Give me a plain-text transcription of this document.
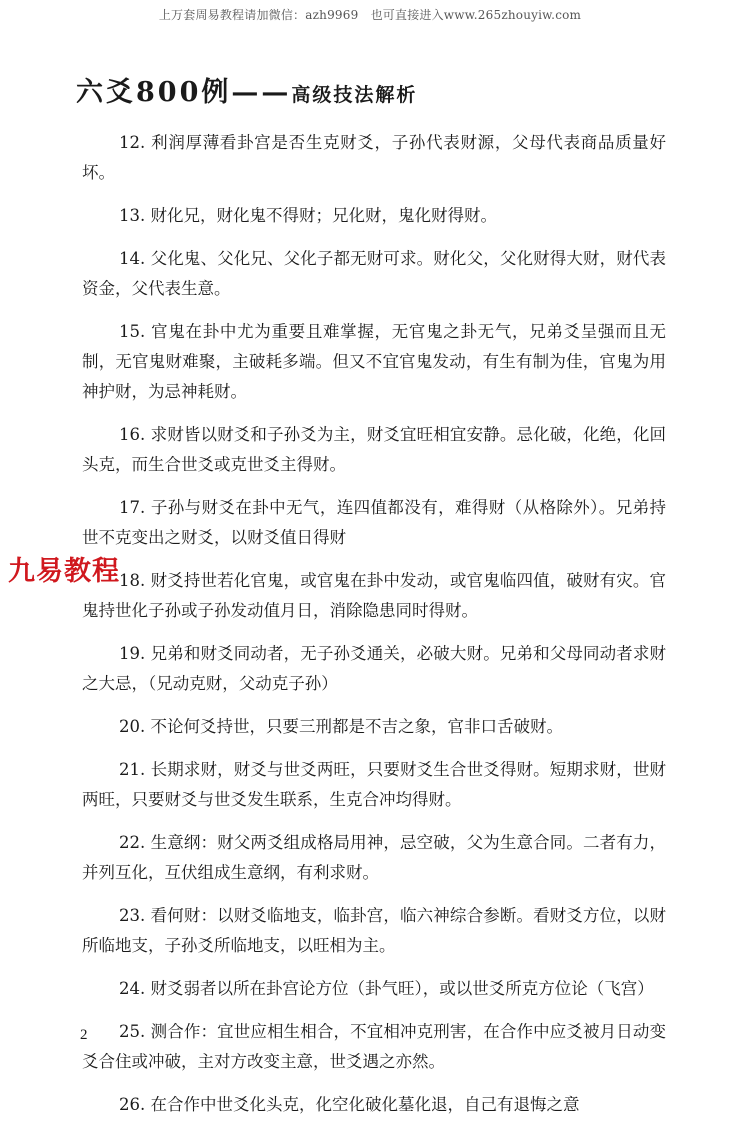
上万套周易教程请加微信：azh9969　也可直接进入www.265zhouyiw.com
六爻800例——高级技法解析

12. 利润厚薄看卦宫是否生克财爻，子孙代表财源，父母代表商品质量好坏。

13. 财化兄，财化鬼不得财；兄化财，鬼化财得财。

14. 父化鬼、父化兄、父化子都无财可求。财化父，父化财得大财，财代表资金，父代表生意。

15. 官鬼在卦中尤为重要且难掌握，无官鬼之卦无气，兄弟爻呈强而且无制，无官鬼财难聚，主破耗多端。但又不宜官鬼发动，有生有制为佳，官鬼为用神护财，为忌神耗财。

16. 求财皆以财爻和子孙爻为主，财爻宜旺相宜安静。忌化破，化绝，化回头克，而生合世爻或克世爻主得财。

17. 子孙与财爻在卦中无气，连四值都没有，难得财（从格除外）。兄弟持世不克变出之财爻，以财爻值日得财

18. 财爻持世若化官鬼，或官鬼在卦中发动，或官鬼临四值，破财有灾。官鬼持世化子孙或子孙发动值月日，消除隐患同时得财。

19. 兄弟和财爻同动者，无子孙爻通关，必破大财。兄弟和父母同动者求财之大忌，（兄动克财，父动克子孙）

20. 不论何爻持世，只要三刑都是不吉之象，官非口舌破财。

21. 长期求财，财爻与世爻两旺，只要财爻生合世爻得财。短期求财，世财两旺，只要财爻与世爻发生联系，生克合冲均得财。

22. 生意纲：财父两爻组成格局用神，忌空破，父为生意合同。二者有力，并列互化，互伏组成生意纲，有利求财。

23. 看何财：以财爻临地支，临卦宫，临六神综合参断。看财爻方位，以财所临地支，子孙爻所临地支，以旺相为主。

24. 财爻弱者以所在卦宫论方位（卦气旺），或以世爻所克方位论（飞宫）

25. 测合作：宜世应相生相合，不宜相冲克刑害，在合作中应爻被月日动变爻合住或冲破，主对方改变主意，世爻遇之亦然。

26. 在合作中世爻化头克，化空化破化墓化退，自己有退悔之意

九易教程
2
